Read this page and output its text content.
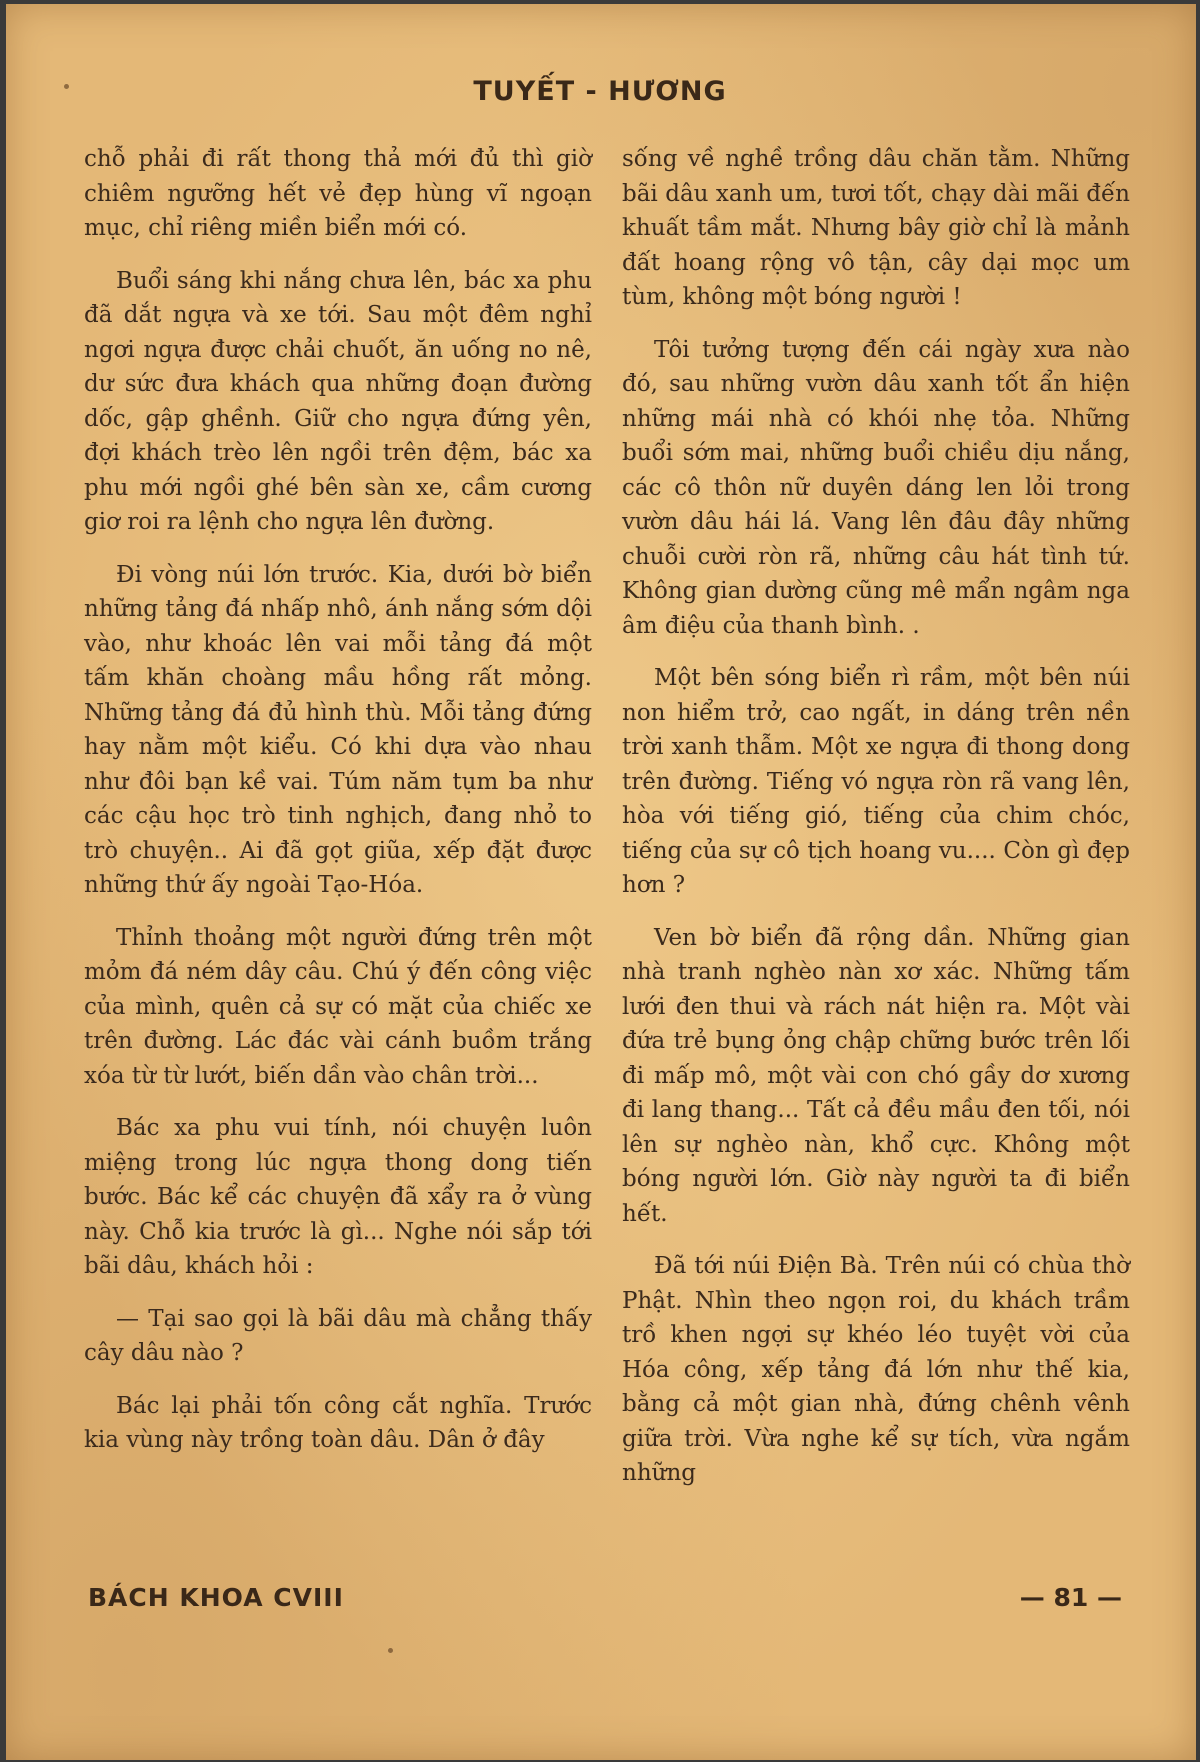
TUYẾT - HƯƠNG

chỗ phải đi rất thong thả mới đủ thì giờ chiêm ngưỡng hết vẻ đẹp hùng vĩ ngoạn mục, chỉ riêng miền biển mới có.

Buổi sáng khi nắng chưa lên, bác xa phu đã dắt ngựa và xe tới. Sau một đêm nghỉ ngơi ngựa được chải chuốt, ăn uống no nê, dư sức đưa khách qua những đoạn đường dốc, gập ghềnh. Giữ cho ngựa đứng yên, đợi khách trèo lên ngồi trên đệm, bác xa phu mới ngồi ghé bên sàn xe, cầm cương giơ roi ra lệnh cho ngựa lên đường.

Đi vòng núi lớn trước. Kia, dưới bờ biển những tảng đá nhấp nhô, ánh nắng sớm dội vào, như khoác lên vai mỗi tảng đá một tấm khăn choàng mầu hồng rất mỏng. Những tảng đá đủ hình thù. Mỗi tảng đứng hay nằm một kiểu. Có khi dựa vào nhau như đôi bạn kề vai. Túm năm tụm ba như các cậu học trò tinh nghịch, đang nhỏ to trò chuyện.. Ai đã gọt giũa, xếp đặt được những thứ ấy ngoài Tạo-Hóa.

Thỉnh thoảng một người đứng trên một mỏm đá ném dây câu. Chú ý đến công việc của mình, quên cả sự có mặt của chiếc xe trên đường. Lác đác vài cánh buồm trắng xóa từ từ lướt, biến dần vào chân trời...

Bác xa phu vui tính, nói chuyện luôn miệng trong lúc ngựa thong dong tiến bước. Bác kể các chuyện đã xẩy ra ở vùng này. Chỗ kia trước là gì... Nghe nói sắp tới bãi dâu, khách hỏi :

— Tại sao gọi là bãi dâu mà chẳng thấy cây dâu nào ?

Bác lại phải tốn công cắt nghĩa. Trước kia vùng này trồng toàn dâu. Dân ở đây

sống về nghề trồng dâu chăn tằm. Những bãi dâu xanh um, tươi tốt, chạy dài mãi đến khuất tầm mắt. Nhưng bây giờ chỉ là mảnh đất hoang rộng vô tận, cây dại mọc um tùm, không một bóng người !

Tôi tưởng tượng đến cái ngày xưa nào đó, sau những vườn dâu xanh tốt ẩn hiện những mái nhà có khói nhẹ tỏa. Những buổi sớm mai, những buổi chiều dịu nắng, các cô thôn nữ duyên dáng len lỏi trong vườn dâu hái lá. Vang lên đâu đây những chuỗi cười ròn rã, những câu hát tình tứ. Không gian dường cũng mê mẩn ngâm nga âm điệu của thanh bình. .

Một bên sóng biển rì rầm, một bên núi non hiểm trở, cao ngất, in dáng trên nền trời xanh thẫm. Một xe ngựa đi thong dong trên đường. Tiếng vó ngựa ròn rã vang lên, hòa với tiếng gió, tiếng của chim chóc, tiếng của sự cô tịch hoang vu.... Còn gì đẹp hơn ?

Ven bờ biển đã rộng dần. Những gian nhà tranh nghèo nàn xơ xác. Những tấm lưới đen thui và rách nát hiện ra. Một vài đứa trẻ bụng ỏng chập chững bước trên lối đi mấp mô, một vài con chó gầy dơ xương đi lang thang... Tất cả đều mầu đen tối, nói lên sự nghèo nàn, khổ cực. Không một bóng người lớn. Giờ này người ta đi biển hết.

Đã tới núi Điện Bà. Trên núi có chùa thờ Phật. Nhìn theo ngọn roi, du khách trầm trồ khen ngợi sự khéo léo tuyệt vời của Hóa công, xếp tảng đá lớn như thế kia, bằng cả một gian nhà, đứng chênh vênh giữa trời. Vừa nghe kể sự tích, vừa ngắm những

BÁCH KHOA CVIII	— 81 —
